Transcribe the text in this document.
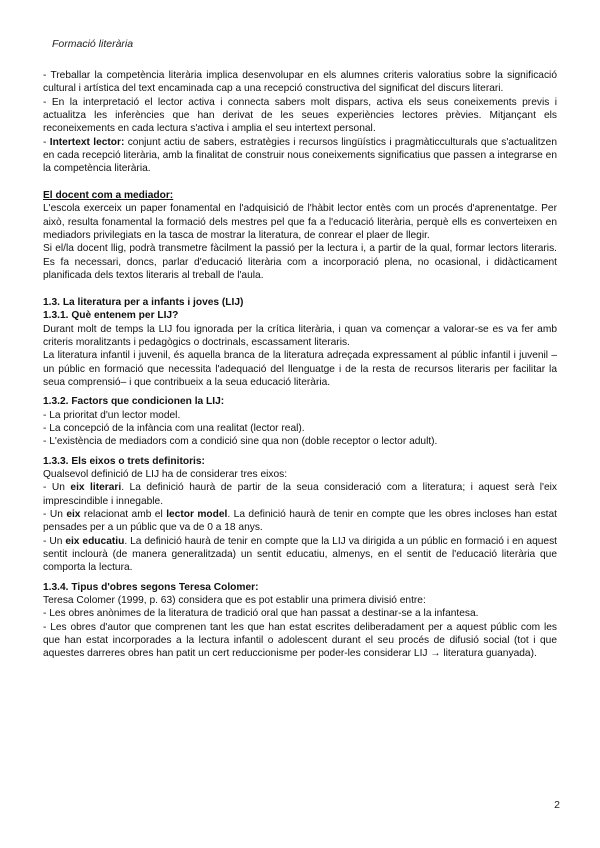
Formació literària

- Treballar la competència literària implica desenvolupar en els alumnes criteris valoratius sobre la significació cultural i artística del text encaminada cap a una recepció constructiva del significat del discurs literari.

- En la interpretació el lector activa i connecta sabers molt dispars, activa els seus coneixements previs i actualitza les inferències que han derivat de les seues experiències lectores prèvies. Mitjançant els reconeixements en cada lectura s'activa i amplia el seu intertext personal.

- Intertext lector: conjunt actiu de sabers, estratègies i recursos lingüístics i pragmàticculturals que s'actualitzen en cada recepció literària, amb la finalitat de construir nous coneixements significatius que passen a integrarse en la competència literària.

El docent com a mediador:

L'escola exerceix un paper fonamental en l'adquisició de l'hàbit lector entès com un procés d'aprenentatge. Per això, resulta fonamental la formació dels mestres pel que fa a l'educació literària, perquè ells es converteixen en mediadors privilegiats en la tasca de mostrar la literatura, de conrear el plaer de llegir.

Si el/la docent llig, podrà transmetre fàcilment la passió per la lectura i, a partir de la qual, formar lectors literaris. Es fa necessari, doncs, parlar d'educació literària com a incorporació plena, no ocasional, i didàcticament planificada dels textos literaris al treball de l'aula.

1.3. La literatura per a infants i joves (LIJ)

1.3.1. Què entenem per LIJ?

Durant molt de temps la LIJ fou ignorada per la crítica literària, i quan va començar a valorar-se es va fer amb criteris moralitzants i pedagògics o doctrinals, escassament literaris.

La literatura infantil i juvenil, és aquella branca de la literatura adreçada expressament al públic infantil i juvenil – un públic en formació que necessita l'adequació del llenguatge i de la resta de recursos literaris per facilitar la seua comprensió– i que contribueix a la seua educació literària.

1.3.2. Factors que condicionen la LIJ:

- La prioritat d'un lector model.

- La concepció de la infància com una realitat (lector real).

- L'existència de mediadors com a condició sine qua non (doble receptor o lector adult).

1.3.3. Els eixos o trets definitoris:

Qualsevol definició de LIJ ha de considerar tres eixos:

- Un eix literari. La definició haurà de partir de la seua consideració com a literatura; i aquest serà l'eix imprescindible i innegable.

- Un eix relacionat amb el lector model. La definició haurà de tenir en compte que les obres incloses han estat pensades per a un públic que va de 0 a 18 anys.

- Un eix educatiu. La definició haurà de tenir en compte que la LIJ va dirigida a un públic en formació i en aquest sentit inclourà (de manera generalitzada) un sentit educatiu, almenys, en el sentit de l'educació literària que comporta la lectura.

1.3.4. Tipus d'obres segons Teresa Colomer:

Teresa Colomer (1999, p. 63) considera que es pot establir una primera divisió entre:

- Les obres anònimes de la literatura de tradició oral que han passat a destinar-se a la infantesa.

- Les obres d'autor que comprenen tant les que han estat escrites deliberadament per a aquest públic com les que han estat incorporades a la lectura infantil o adolescent durant el seu procés de difusió social (tot i que aquestes darreres obres han patit un cert reduccionisme per poder-les considerar LIJ → literatura guanyada).

2
